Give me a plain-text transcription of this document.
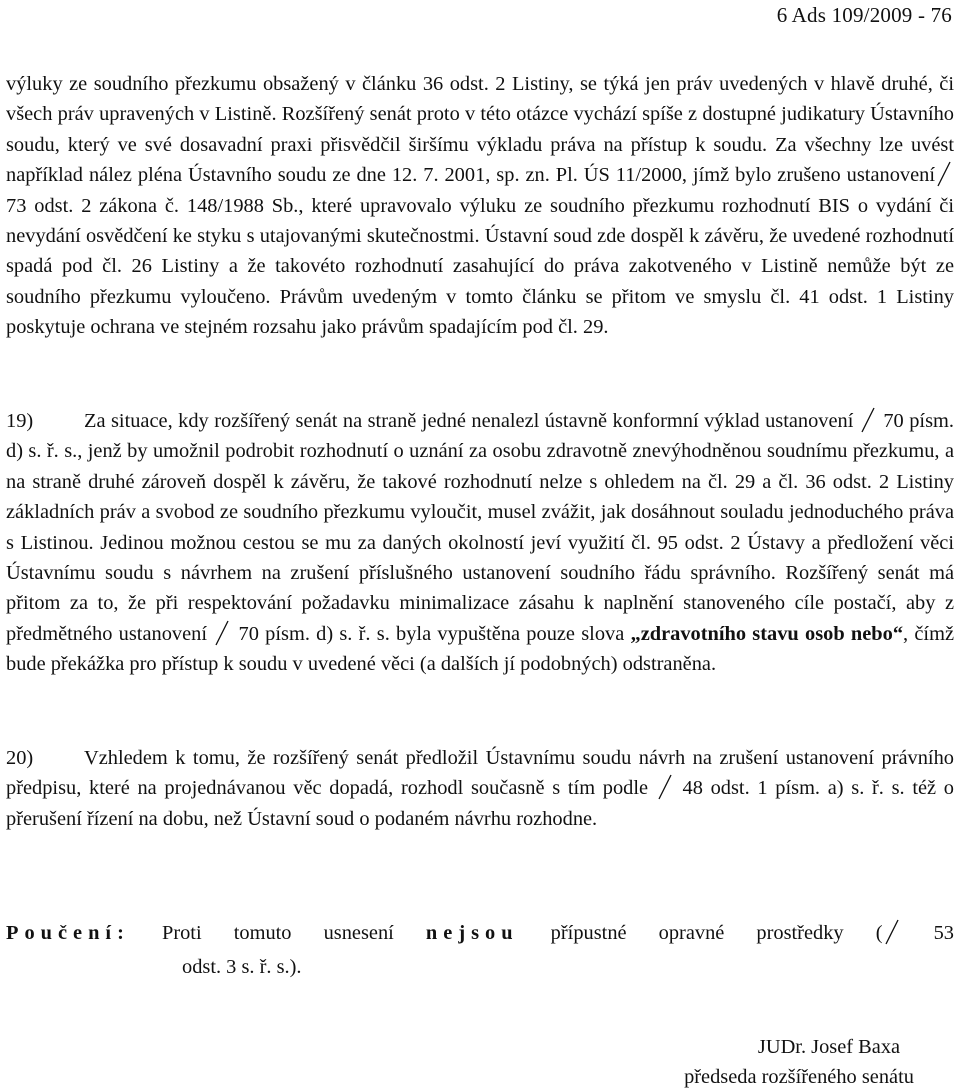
6 Ads 109/2009 - 76

výluky ze soudního přezkumu obsažený v článku 36 odst. 2 Listiny, se týká jen práv uvedených v hlavě druhé, či všech práv upravených v Listině. Rozšířený senát proto v této otázce vychází spíše z dostupné judikatury Ústavního soudu, který ve své dosavadní praxi přisvědčil širšímu výkladu práva na přístup k soudu. Za všechny lze uvést například nález pléna Ústavního soudu ze dne 12. 7. 2001, sp. zn. Pl. ÚS 11/2000, jímž bylo zrušeno ustanovení
73 odst. 2 zákona č. 148/1988 Sb., které upravovalo výluku ze soudního přezkumu rozhodnutí BIS o vydání či nevydání osvědčení ke styku s utajovanými skutečnostmi. Ústavní soud zde dospěl k závěru, že uvedené rozhodnutí spadá pod čl. 26 Listiny a že takovéto rozhodnutí zasahující do práva zakotveného v Listině nemůže být ze soudního přezkumu vyloučeno. Právům uvedeným v tomto článku se přitom ve smyslu čl. 41 odst. 1 Listiny poskytuje ochrana ve stejném rozsahu jako právům spadajícím pod čl. 29.

19) Za situace, kdy rozšířený senát na straně jedné nenalezl ústavně konformní výklad ustanovení 70 písm. d) s. ř. s., jenž by umožnil podrobit rozhodnutí o uznání za osobu zdravotně znevýhodněnou soudnímu přezkumu, a na straně druhé zároveň dospěl k závěru, že takové rozhodnutí nelze s ohledem na čl. 29 a čl. 36 odst. 2 Listiny základních práv a svobod ze soudního přezkumu vyloučit, musel zvážit, jak dosáhnout souladu jednoduchého práva s Listinou. Jedinou možnou cestou se mu za daných okolností jeví využití čl. 95 odst. 2 Ústavy a předložení věci Ústavnímu soudu s návrhem na zrušení příslušného ustanovení soudního řádu správního. Rozšířený senát má přitom za to, že při respektování požadavku minimalizace zásahu k naplnění stanoveného cíle postačí, aby z předmětného ustanovení 70 písm. d) s. ř. s. byla vypuštěna pouze slova „zdravotního stavu osob nebo“, čímž bude překážka pro přístup k soudu v uvedené věci (a dalších jí podobných) odstraněna.

20) Vzhledem k tomu, že rozšířený senát předložil Ústavnímu soudu návrh na zrušení ustanovení právního předpisu, které na projednávanou věc dopadá, rozhodl současně s tím podle 48 odst. 1 písm. a) s. ř. s. též o přerušení řízení na dobu, než Ústavní soud o podaném návrhu rozhodne.

Poučení:	Proti tomuto usnesení nejsou přípustné opravné prostředky (	53
odst. 3 s. ř. s.).
JUDr. Josef Baxa
předseda rozšířeného senátu
